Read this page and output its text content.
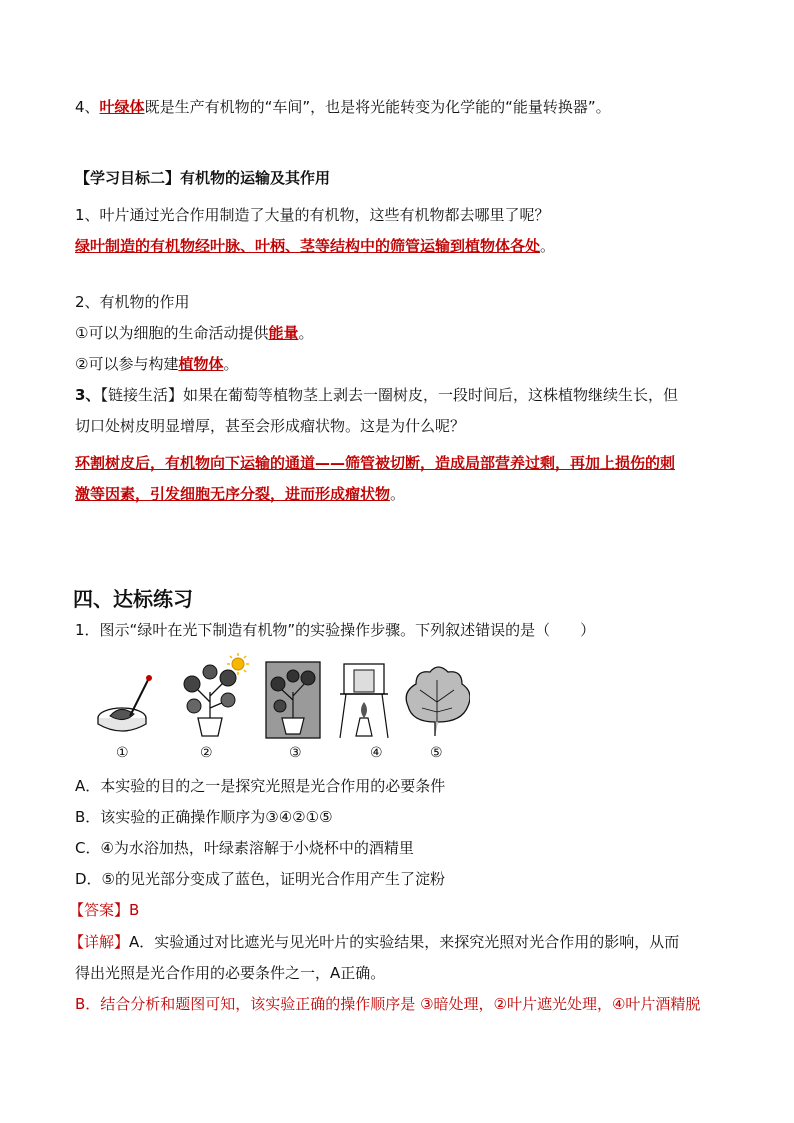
4、叶绿体既是生产有机物的“车间”，也是将光能转变为化学能的“能量转换器”。
【学习目标二】有机物的运输及其作用
1、叶片通过光合作用制造了大量的有机物，这些有机物都去哪里了呢？
绿叶制造的有机物经叶脉、叶柄、茎等结构中的筛管运输到植物体各处。
2、有机物的作用
①可以为细胞的生命活动提供能量。
②可以参与构建植物体。
3、【链接生活】如果在葡萄等植物茎上剥去一圈树皮，一段时间后，这株植物继续生长，但
切口处树皮明显增厚，甚至会形成瘤状物。这是为什么呢？
环割树皮后，有机物向下运输的通道——筛管被切断，造成局部营养过剩，再加上损伤的刺
激等因素，引发细胞无序分裂，进而形成瘤状物。
四、达标练习
1．图示“绿叶在光下制造有机物”的实验操作步骤。下列叙述错误的是（　　）
①	②	③	④	⑤
A．本实验的目的之一是探究光照是光合作用的必要条件
B．该实验的正确操作顺序为③④②①⑤
C．④为水浴加热，叶绿素溶解于小烧杯中的酒精里
D．⑤的见光部分变成了蓝色，证明光合作用产生了淀粉
【答案】B
【详解】A．实验通过对比遮光与见光叶片的实验结果，来探究光照对光合作用的影响，从而
得出光照是光合作用的必要条件之一，A正确。
B．结合分析和题图可知，该实验正确的操作顺序是 ③暗处理，②叶片遮光处理，④叶片酒精脱
